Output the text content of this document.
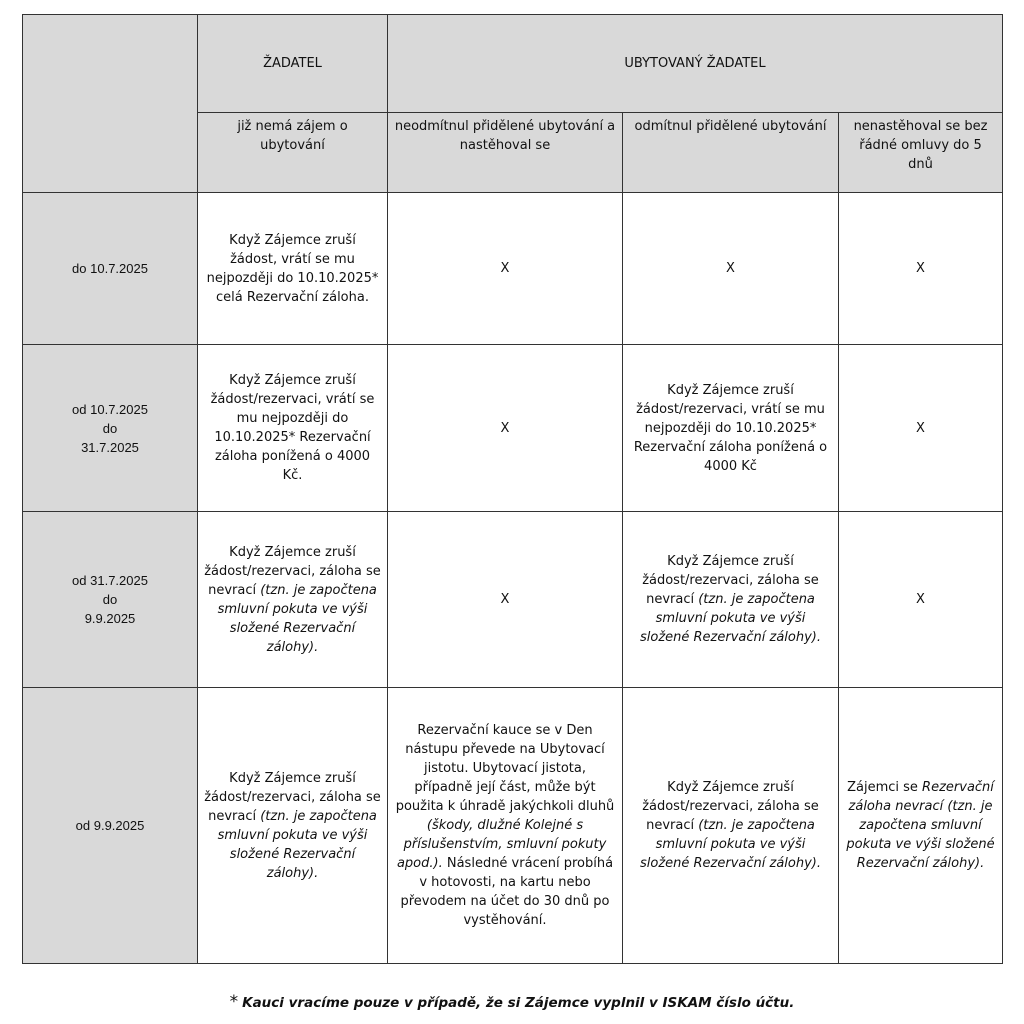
	ŽADATEL	UBYTOVANÝ ŽADATEL		
	již nemá zájem o ubytování	neodmítnul přidělené ubytování a nastěhoval se	odmítnul přidělené ubytování	nenastěhoval se bez řádné omluvy do 5 dnů

do 10.7.2025	Když Zájemce zruší žádost, vrátí se mu nejpozději do 10.10.2025* celá Rezervační záloha.	X	X	X

od 10.7.2025
do
31.7.2025	Když Zájemce zruší žádost/rezervaci, vrátí se mu nejpozději do 10.10.2025* Rezervační záloha ponížená o 4000 Kč.	X	Když Zájemce zruší žádost/rezervaci, vrátí se mu nejpozději do 10.10.2025* Rezervační záloha ponížená o 4000 Kč	X

od 31.7.2025
do
9.9.2025	Když Zájemce zruší žádost/rezervaci, záloha se nevrací (tzn. je započtena smluvní pokuta ve výši složené Rezervační zálohy).	X	Když Zájemce zruší žádost/rezervaci, záloha se nevrací (tzn. je započtena smluvní pokuta ve výši složené Rezervační zálohy).	X

od 9.9.2025	Když Zájemce zruší žádost/rezervaci, záloha se nevrací (tzn. je započtena smluvní pokuta ve výši složené Rezervační zálohy).	Rezervační kauce se v Den nástupu převede na Ubytovací jistotu. Ubytovací jistota, případně její část, může být použita k úhradě jakýchkoli dluhů (škody, dlužné Kolejné s příslušenstvím, smluvní pokuty apod.). Následné vrácení probíhá v hotovosti, na kartu nebo převodem na účet do 30 dnů po vystěhování.	Když Zájemce zruší žádost/rezervaci, záloha se nevrací (tzn. je započtena smluvní pokuta ve výši složené Rezervační zálohy).	Zájemci se Rezervační záloha nevrací (tzn. je započtena smluvní pokuta ve výši složené Rezervační zálohy).
* Kauci vracíme pouze v případě, že si Zájemce vyplnil v ISKAM číslo účtu.
